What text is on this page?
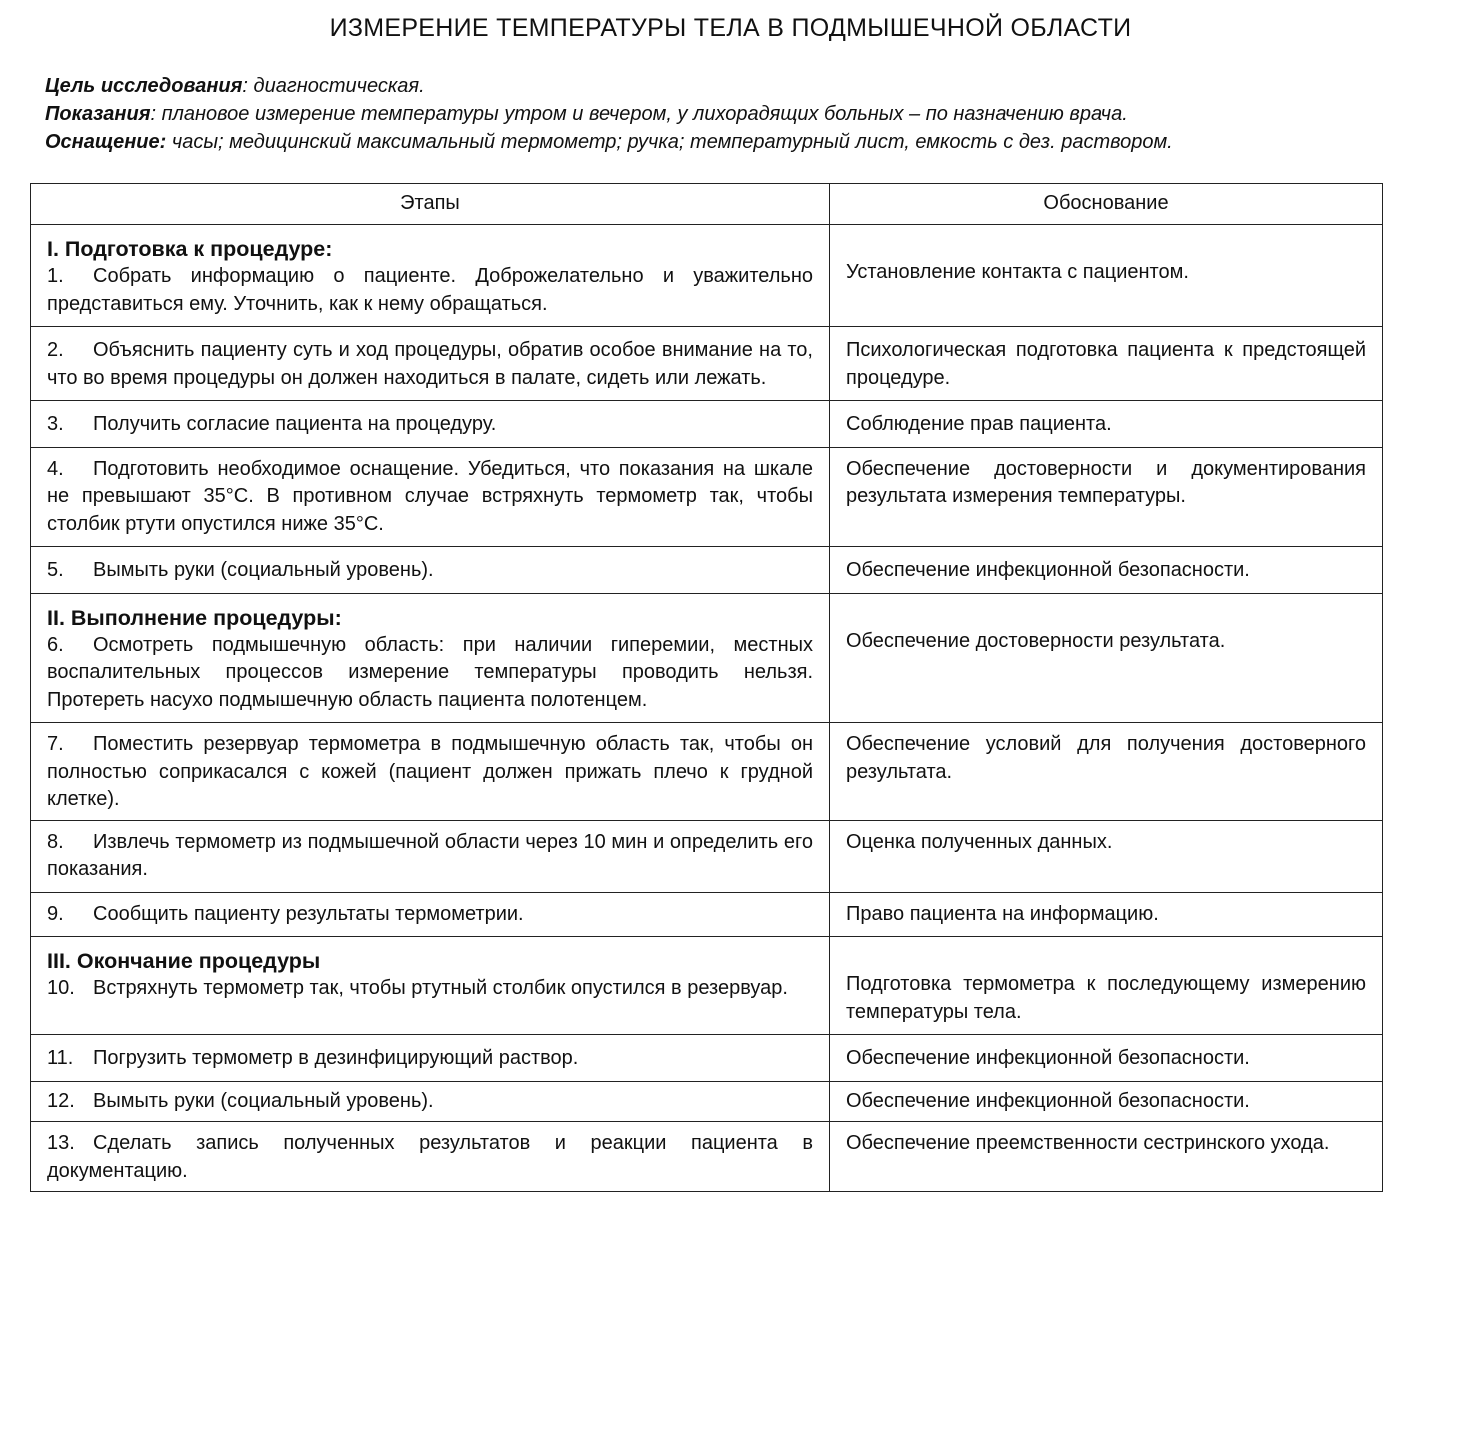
ИЗМЕРЕНИЕ ТЕМПЕРАТУРЫ ТЕЛА В ПОДМЫШЕЧНОЙ ОБЛАСТИ
Цель исследования: диагностическая.
Показания: плановое измерение температуры утром и вечером, у лихорадящих больных – по назначению врача.
Оснащение: часы; медицинский максимальный термометр; ручка; температурный лист, емкость с дез. раствором.
Этапы	Обоснование

I. Подготовка к процедуре:
1. Собрать информацию о пациенте. Доброжелательно и уважительно представиться ему. Уточнить, как к нему обращаться.	Установление контакта с пациентом.

2. Объяснить пациенту суть и ход процедуры, обратив особое внимание на то, что во время процедуры он должен находиться в палате, сидеть или лежать.	Психологическая подготовка пациента к предстоящей процедуре.

3. Получить согласие пациента на процедуру.	Соблюдение прав пациента.

4. Подготовить необходимое оснащение. Убедиться, что показания на шкале не превышают 35°С. В противном случае встряхнуть термометр так, чтобы столбик ртути опустился ниже 35°С.	Обеспечение достоверности и документирования результата измерения температуры.

5. Вымыть руки (социальный уровень).	Обеспечение инфекционной безопасности.

II. Выполнение процедуры:
6. Осмотреть подмышечную область: при наличии гиперемии, местных воспалительных процессов измерение температуры проводить нельзя. Протереть насухо подмышечную область пациента полотенцем.	Обеспечение достоверности результата.

7. Поместить резервуар термометра в подмышечную область так, чтобы он полностью соприкасался с кожей (пациент должен прижать плечо к грудной клетке).	Обеспечение условий для получения достоверного результата.

8. Извлечь термометр из подмышечной области через 10 мин и определить его показания.	Оценка полученных данных.

9. Сообщить пациенту результаты термометрии.	Право пациента на информацию.

III. Окончание процедуры
10. Встряхнуть термометр так, чтобы ртутный столбик опустился в резервуар.	Подготовка термометра к последующему измерению температуры тела.

11. Погрузить термометр в дезинфицирующий раствор.	Обеспечение инфекционной безопасности.

12. Вымыть руки (социальный уровень).	Обеспечение инфекционной безопасности.

13. Сделать запись полученных результатов и реакции пациента в документацию.	Обеспечение преемственности сестринского ухода.
